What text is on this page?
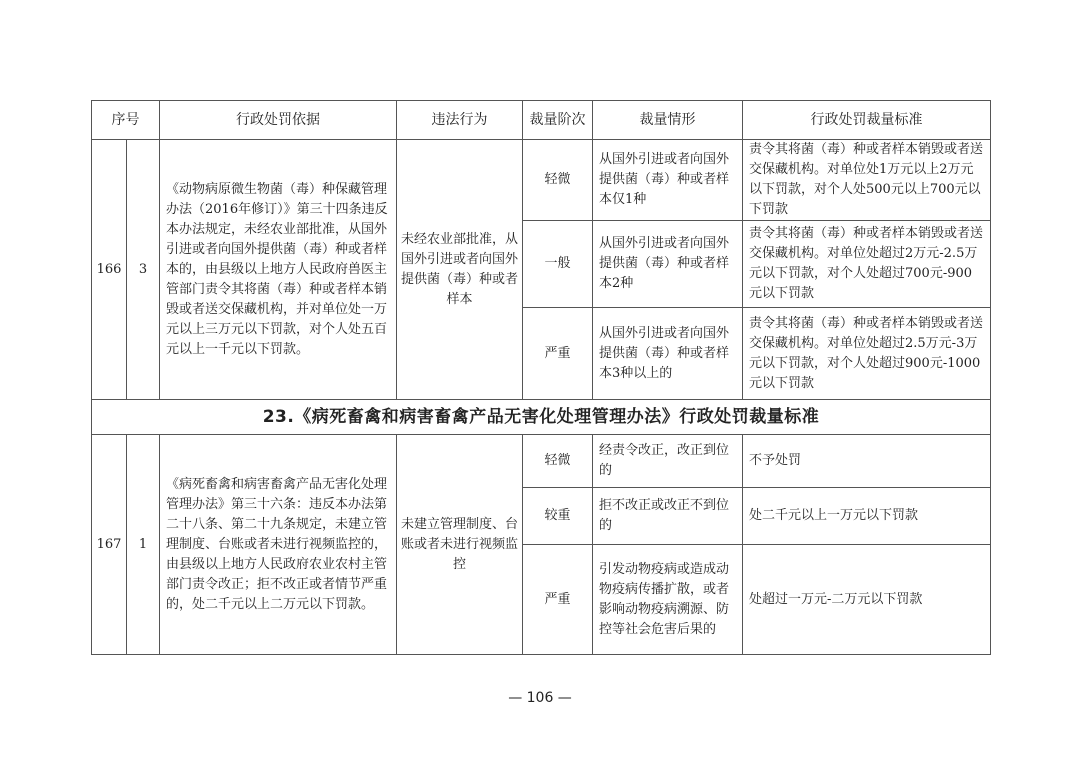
序号		行政处罚依据	违法行为	裁量阶次	裁量情形	行政处罚裁量标准
166	3	《动物病原微生物菌（毒）种保藏管理办法（2016年修订）》第三十四条违反本办法规定，未经农业部批准，从国外引进或者向国外提供菌（毒）种或者样本的，由县级以上地方人民政府兽医主管部门责令其将菌（毒）种或者样本销毁或者送交保藏机构，并对单位处一万元以上三万元以下罚款，对个人处五百元以上一千元以下罚款。	未经农业部批准，从国外引进或者向国外提供菌（毒）种或者样本	轻微	从国外引进或者向国外提供菌（毒）种或者样本仅1种	责令其将菌（毒）种或者样本销毁或者送交保藏机构。对单位处1万元以上2万元以下罚款，对个人处500元以上700元以下罚款
				一般	从国外引进或者向国外提供菌（毒）种或者样本2种	责令其将菌（毒）种或者样本销毁或者送交保藏机构。对单位处超过2万元-2.5万元以下罚款，对个人处超过700元-900元以下罚款
				严重	从国外引进或者向国外提供菌（毒）种或者样本3种以上的	责令其将菌（毒）种或者样本销毁或者送交保藏机构。对单位处超过2.5万元-3万元以下罚款，对个人处超过900元-1000元以下罚款
23.《病死畜禽和病害畜禽产品无害化处理管理办法》行政处罚裁量标准						
167	1	《病死畜禽和病害畜禽产品无害化处理管理办法》第三十六条：违反本办法第二十八条、第二十九条规定，未建立管理制度、台账或者未进行视频监控的，由县级以上地方人民政府农业农村主管部门责令改正；拒不改正或者情节严重的，处二千元以上二万元以下罚款。	未建立管理制度、台账或者未进行视频监控	轻微	经责令改正，改正到位的	不予处罚
				较重	拒不改正或改正不到位的	处二千元以上一万元以下罚款
				严重	引发动物疫病或造成动物疫病传播扩散，或者影响动物疫病溯源、防控等社会危害后果的	处超过一万元-二万元以下罚款
— 106 —
